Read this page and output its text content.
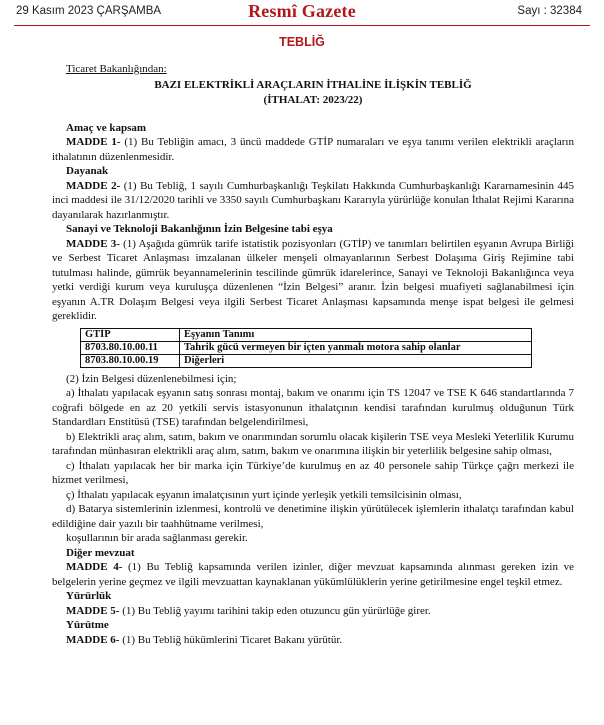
29 Kasım 2023 ÇARŞAMBA	Resmî Gazete	Sayı : 32384
TEBLİĞ

Ticaret Bakanlığından:

BAZI ELEKTRİKLİ ARAÇLARIN İTHALİNE İLİŞKİN TEBLİĞ

(İTHALAT: 2023/22)

Amaç ve kapsam

MADDE 1- (1) Bu Tebliğin amacı, 3 üncü maddede GTİP numaraları ve eşya tanımı verilen elektrikli araçların ithalatının düzenlenmesidir.

Dayanak

MADDE 2- (1) Bu Tebliğ, 1 sayılı Cumhurbaşkanlığı Teşkilatı Hakkında Cumhurbaşkanlığı Kararnamesinin 445 inci maddesi ile 31/12/2020 tarihli ve 3350 sayılı Cumhurbaşkanı Kararıyla yürürlüğe konulan İthalat Rejimi Kararına dayanılarak hazırlanmıştır.

Sanayi ve Teknoloji Bakanlığının İzin Belgesine tabi eşya

MADDE 3- (1) Aşağıda gümrük tarife istatistik pozisyonları (GTİP) ve tanımları belirtilen eşyanın Avrupa Birliği ve Serbest Ticaret Anlaşması imzalanan ülkeler menşeli olmayanlarının Serbest Dolaşıma Giriş Rejimine tabi tutulması halinde, gümrük beyannamelerinin tescilinde gümrük idarelerince, Sanayi ve Teknoloji Bakanlığınca veya yetki verdiği kurum veya kuruluşça düzenlenen “İzin Belgesi” aranır. İzin belgesi muafiyeti sağlanabilmesi için eşyanın A.TR Dolaşım Belgesi veya ilgili Serbest Ticaret Anlaşması kapsamında menşe ispat belgesi ile gelmesi gereklidir.

GTİP	Eşyanın Tanımı
8703.80.10.00.11	Tahrik gücü vermeyen bir içten yanmalı motora sahip olanlar
8703.80.10.00.19	Diğerleri

(2) İzin Belgesi düzenlenebilmesi için;

a) İthalatı yapılacak eşyanın satış sonrası montaj, bakım ve onarımı için TS 12047 ve TSE K 646 standartlarında 7 coğrafi bölgede en az 20 yetkili servis istasyonunun ithalatçının kendisi tarafından kurulmuş olduğunun Türk Standardları Enstitüsü (TSE) tarafından belgelendirilmesi,

b) Elektrikli araç alım, satım, bakım ve onarımından sorumlu olacak kişilerin TSE veya Mesleki Yeterlilik Kurumu tarafından münhasıran elektrikli araç alım, satım, bakım ve onarımına ilişkin bir yeterlilik belgesine sahip olması,

c) İthalatı yapılacak her bir marka için Türkiye’de kurulmuş en az 40 personele sahip Türkçe çağrı merkezi ile hizmet verilmesi,

ç) İthalatı yapılacak eşyanın imalatçısının yurt içinde yerleşik yetkili temsilcisinin olması,

d) Batarya sistemlerinin izlenmesi, kontrolü ve denetimine ilişkin yürütülecek işlemlerin ithalatçı tarafından kabul edildiğine dair yazılı bir taahhütname verilmesi,

koşullarının bir arada sağlanması gerekir.

Diğer mevzuat

MADDE 4- (1) Bu Tebliğ kapsamında verilen izinler, diğer mevzuat kapsamında alınması gereken izin ve belgelerin yerine geçmez ve ilgili mevzuattan kaynaklanan yükümlülüklerin yerine getirilmesine engel teşkil etmez.

Yürürlük

MADDE 5- (1) Bu Tebliğ yayımı tarihini takip eden otuzuncu gün yürürlüğe girer.

Yürütme

MADDE 6- (1) Bu Tebliğ hükümlerini Ticaret Bakanı yürütür.
